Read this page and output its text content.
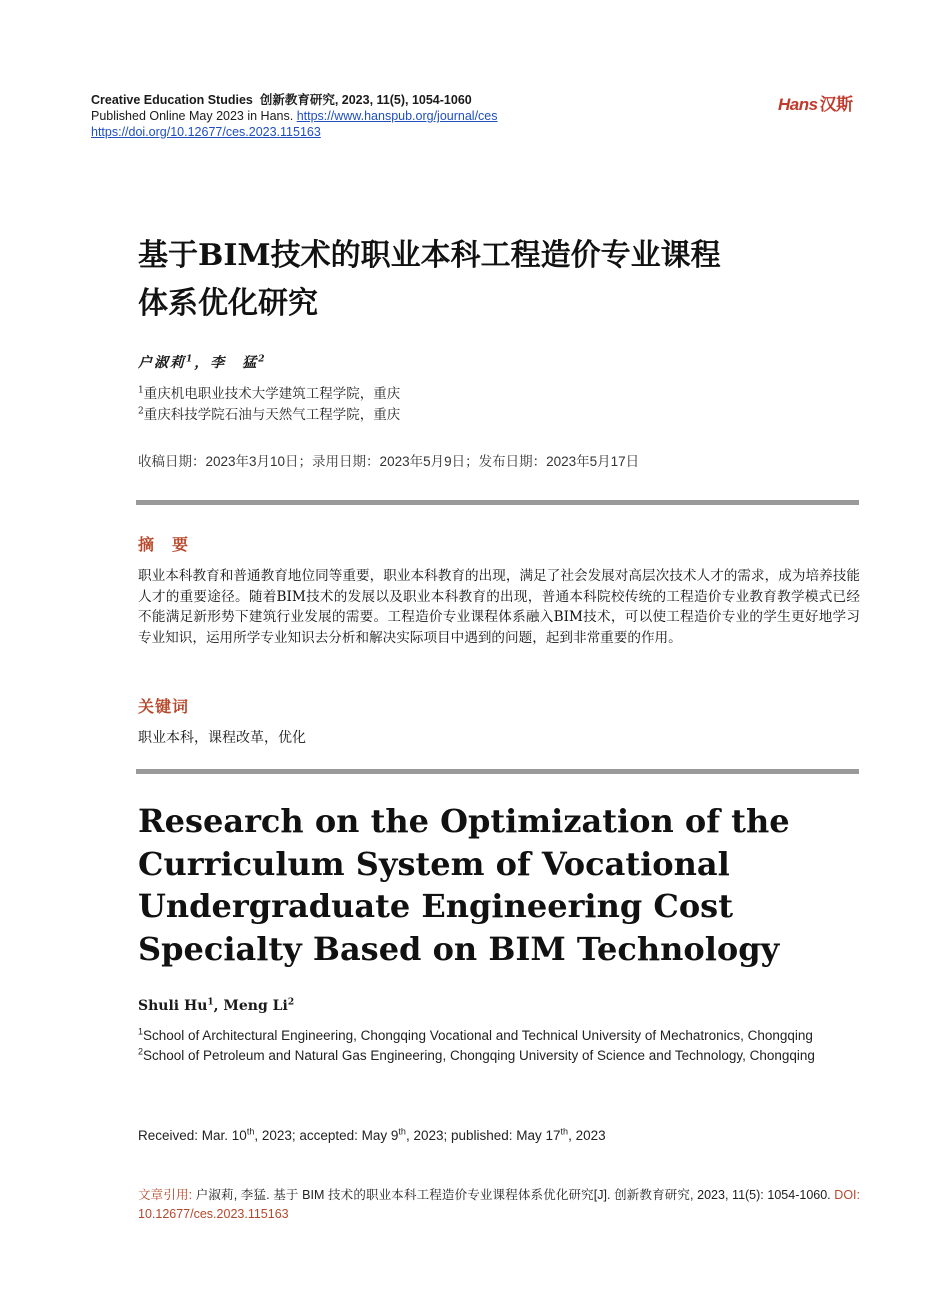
Creative Education Studies 创新教育研究, 2023, 11(5), 1054-1060
Published Online May 2023 in Hans. https://www.hanspub.org/journal/ces
https://doi.org/10.12677/ces.2023.115163
Hans 汉斯
基于BIM技术的职业本科工程造价专业课程
体系优化研究
户淑莉$^1$，李　猛$^2$
$^1$重庆机电职业技术大学建筑工程学院，重庆
$^2$重庆科技学院石油与天然气工程学院，重庆
收稿日期：2023年3月10日；录用日期：2023年5月9日；发布日期：2023年5月17日
摘　要
职业本科教育和普通教育地位同等重要，职业本科教育的出现，满足了社会发展对高层次技术人才的需求，成为培养技能人才的重要途径。随着BIM技术的发展以及职业本科教育的出现，普通本科院校传统的工程造价专业教育教学模式已经不能满足新形势下建筑行业发展的需要。工程造价专业课程体系融入BIM技术，可以使工程造价专业的学生更好地学习专业知识，运用所学专业知识去分析和解决实际项目中遇到的问题，起到非常重要的作用。
关键词
职业本科，课程改革，优化
Research on the Optimization of the
Curriculum System of Vocational
Undergraduate Engineering Cost
Specialty Based on BIM Technology
Shuli Hu$^1$, Meng Li$^2$
$^1$School of Architectural Engineering, Chongqing Vocational and Technical University of Mechatronics, Chongqing
$^2$School of Petroleum and Natural Gas Engineering, Chongqing University of Science and Technology, Chongqing
Received: Mar. 10th, 2023; accepted: May 9th, 2023; published: May 17th, 2023
文章引用: 户淑莉, 李猛. 基于 BIM 技术的职业本科工程造价专业课程体系优化研究[J]. 创新教育研究, 2023, 11(5): 1054-1060. DOI: 10.12677/ces.2023.115163
